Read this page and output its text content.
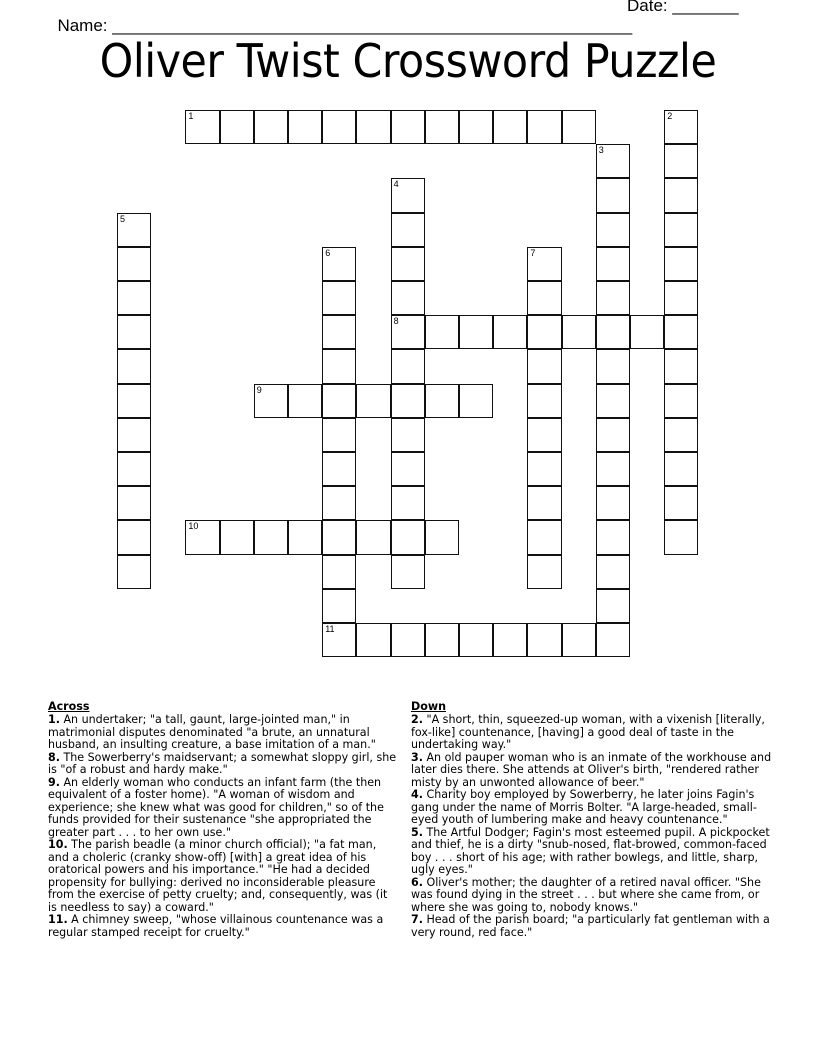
Name: _______________________________________________________

Date: _______

Oliver Twist Crossword Puzzle
1	2
3
4
8
5
6
11
7
9
10
Across

1. An undertaker; "a tall, gaunt, large-jointed man," in matrimonial disputes denominated "a brute, an unnatural husband, an insulting creature, a base imitation of a man."

8. The Sowerberry's maidservant; a somewhat sloppy girl, she is "of a robust and hardy make."

9. An elderly woman who conducts an infant farm (the then equivalent of a foster home). "A woman of wisdom and experience; she knew what was good for children," so of the funds provided for their sustenance "she appropriated the greater part . . . to her own use."

10. The parish beadle (a minor church official); "a fat man, and a choleric (cranky show-off) [with] a great idea of his oratorical powers and his importance." "He had a decided propensity for bullying: derived no inconsiderable pleasure from the exercise of petty cruelty; and, consequently, was (it is needless to say) a coward."

11. A chimney sweep, "whose villainous countenance was a regular stamped receipt for cruelty."

Down

2. "A short, thin, squeezed-up woman, with a vixenish [literally, fox-like] countenance, [having] a good deal of taste in the undertaking way."

3. An old pauper woman who is an inmate of the workhouse and later dies there. She attends at Oliver's birth, "rendered rather misty by an unwonted allowance of beer."

4. Charity boy employed by Sowerberry, he later joins Fagin's gang under the name of Morris Bolter. "A large-headed, small-eyed youth of lumbering make and heavy countenance."

5. The Artful Dodger; Fagin's most esteemed pupil. A pickpocket and thief, he is a dirty "snub-nosed, flat-browed, common-faced boy . . . short of his age; with rather bowlegs, and little, sharp, ugly eyes."

6. Oliver's mother; the daughter of a retired naval officer. "She was found dying in the street . . . but where she came from, or where she was going to, nobody knows."

7. Head of the parish board; "a particularly fat gentleman with a very round, red face."
